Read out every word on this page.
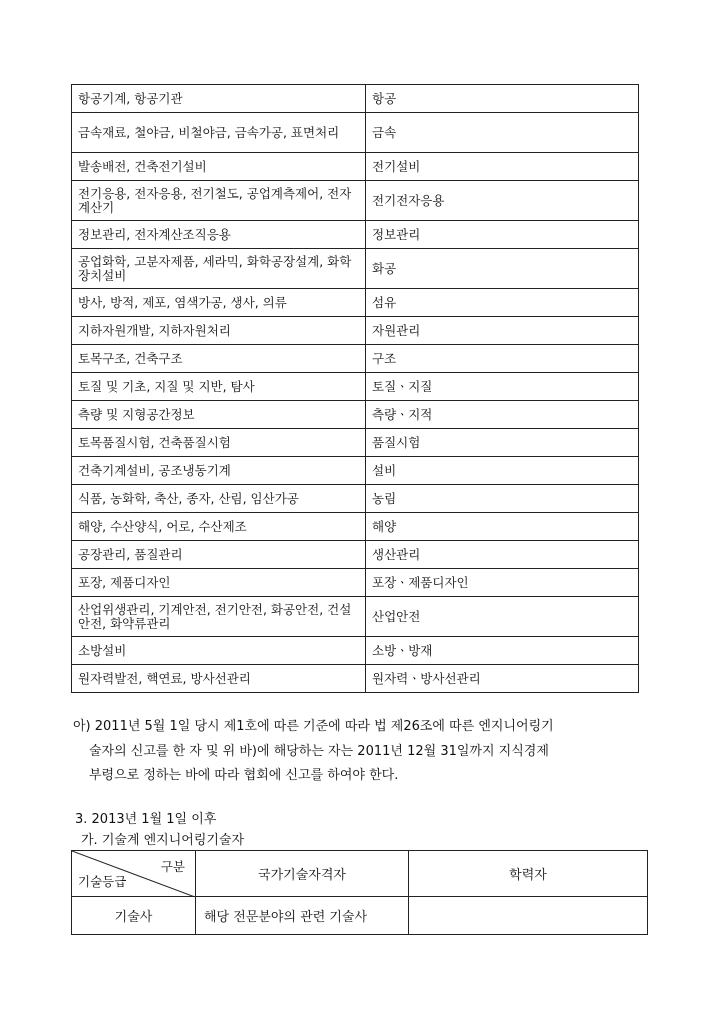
항공기계, 항공기관	항공
금속재료, 철야금, 비철야금, 금속가공, 표면처리	금속
발송배전, 건축전기설비	전기설비
전기응용, 전자응용, 전기철도, 공업계측제어, 전자계산기	전기전자응용
정보관리, 전자계산조직응용	정보관리
공업화학, 고분자제품, 세라믹, 화학공장설계, 화학장치설비	화공
방사, 방적, 제포, 염색가공, 생사, 의류	섬유
지하자원개발, 지하자원처리	자원관리
토목구조, 건축구조	구조
토질 및 기초, 지질 및 지반, 탐사	토질ㆍ지질
측량 및 지형공간정보	측량ㆍ지적
토목품질시험, 건축품질시험	품질시험
건축기계설비, 공조냉동기계	설비
식품, 농화학, 축산, 종자, 산림, 임산가공	농림
해양, 수산양식, 어로, 수산제조	해양
공장관리, 품질관리	생산관리
포장, 제품디자인	포장ㆍ제품디자인
산업위생관리, 기계안전, 전기안전, 화공안전, 건설안전, 화약류관리	산업안전
소방설비	소방ㆍ방재
원자력발전, 핵연료, 방사선관리	원자력ㆍ방사선관리
아) 2011년 5월 1일 당시 제1호에 따른 기준에 따라 법 제26조에 따른 엔지니어링기
술자의 신고를 한 자 및 위 바)에 해당하는 자는 2011년 12월 31일까지 지식경제
부령으로 정하는 바에 따라 협회에 신고를 하여야 한다.
3. 2013년 1월 1일 이후
가. 기술계 엔지니어링기술자
구분
기술등급	국가기술자격자	학력자
기술사	해당 전문분야의 관련 기술사	
